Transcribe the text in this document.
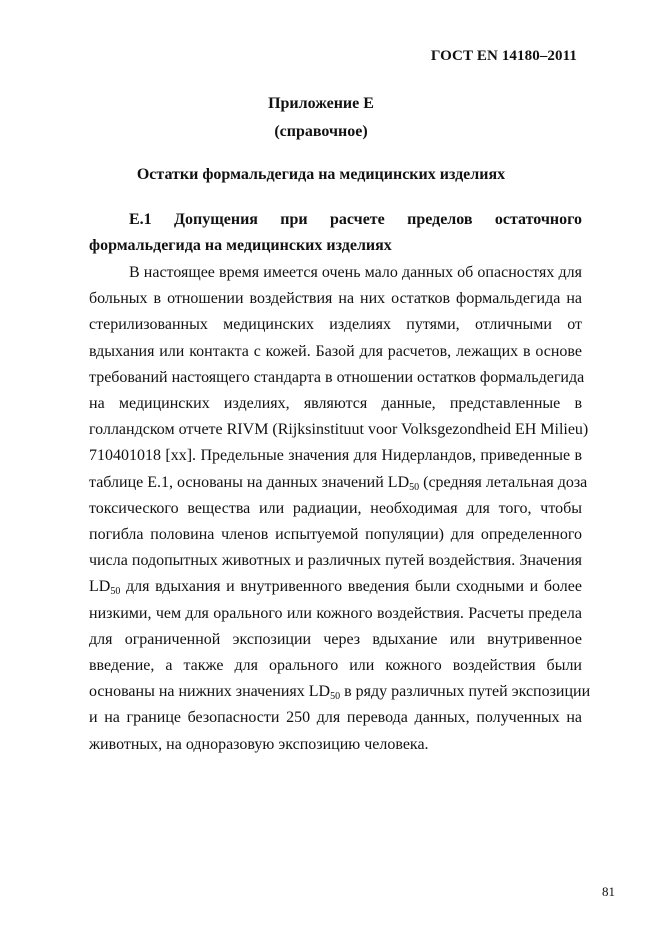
ГОСТ EN 14180–2011
Приложение Е
(справочное)
Остатки формальдегида на медицинских изделиях
Е.1 Допущения при расчете пределов остаточного
формальдегида на медицинских изделиях
В настоящее время имеется очень мало данных об опасностях для
больных в отношении воздействия на них остатков формальдегида на
стерилизованных медицинских изделиях путями, отличными от
вдыхания или контакта с кожей. Базой для расчетов, лежащих в основе
требований настоящего стандарта в отношении остатков формальдегида
на медицинских изделиях, являются данные, представленные в
голландском отчете RIVM (Rijksinstituut voor Volksgezondheid EH Milieu)
710401018 [xx]. Предельные значения для Нидерландов, приведенные в
таблице Е.1, основаны на данных значений $LD_{50}$ (средняя летальная доза
токсического вещества или радиации, необходимая для того, чтобы
погибла половина членов испытуемой популяции) для определенного
числа подопытных животных и различных путей воздействия. Значения
$LD_{50}$ для вдыхания и внутривенного введения были сходными и более
низкими, чем для орального или кожного воздействия. Расчеты предела
для ограниченной экспозиции через вдыхание или внутривенное
введение, а также для орального или кожного воздействия были
основаны на нижних значениях $LD_{50}$ в ряду различных путей экспозиции
и на границе безопасности 250 для перевода данных, полученных на
животных, на одноразовую экспозицию человека.
81
